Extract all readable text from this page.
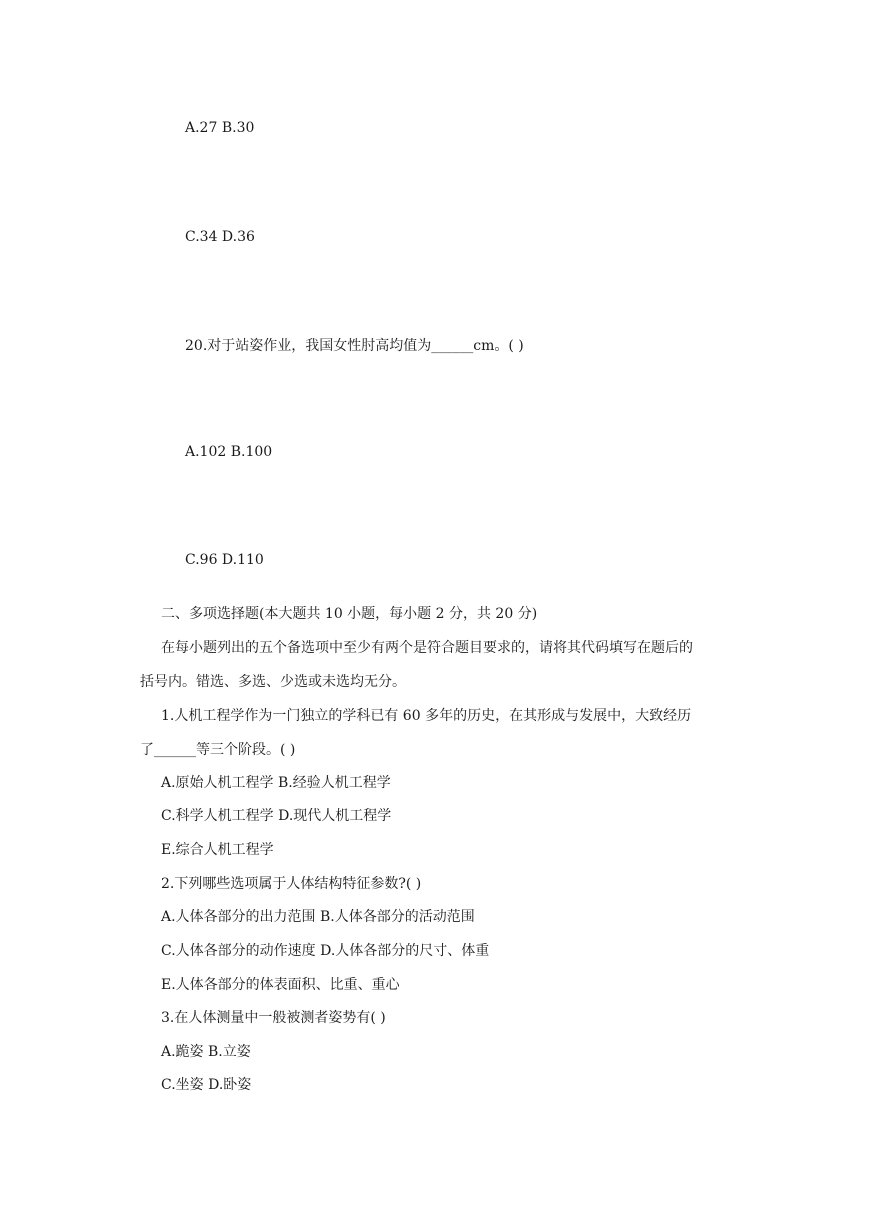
A.27 B.30
C.34 D.36
20.对于站姿作业，我国女性肘高均值为______cm。( )
A.102 B.100
C.96 D.110
二、多项选择题(本大题共 10 小题，每小题 2 分，共 20 分)
在每小题列出的五个备选项中至少有两个是符合题目要求的，请将其代码填写在题后的
括号内。错选、多选、少选或未选均无分。
1.人机工程学作为一门独立的学科已有 60 多年的历史，在其形成与发展中，大致经历
了______等三个阶段。( )
A.原始人机工程学 B.经验人机工程学
C.科学人机工程学 D.现代人机工程学
E.综合人机工程学
2.下列哪些选项属于人体结构特征参数?( )
A.人体各部分的出力范围 B.人体各部分的活动范围
C.人体各部分的动作速度 D.人体各部分的尺寸、体重
E.人体各部分的体表面积、比重、重心
3.在人体测量中一般被测者姿势有( )
A.跪姿 B.立姿
C.坐姿 D.卧姿
